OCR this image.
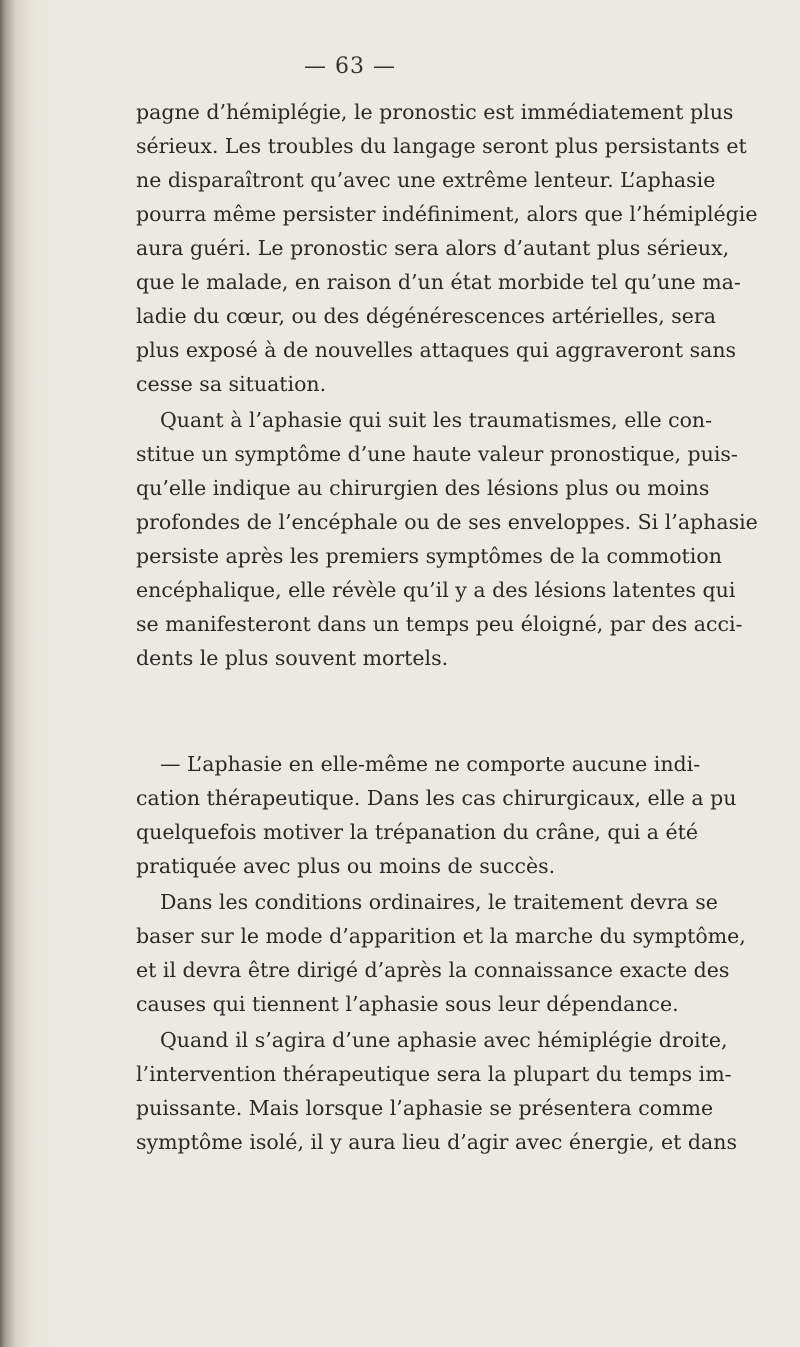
— 63 —
pagne d’hémiplégie, le pronostic est immédiatement plus
sérieux. Les troubles du langage seront plus persistants et
ne disparaîtront qu’avec une extrême lenteur. L’aphasie
pourra même persister indéfiniment, alors que l’hémiplégie
aura guéri. Le pronostic sera alors d’autant plus sérieux,
que le malade, en raison d’un état morbide tel qu’une ma-
ladie du cœur, ou des dégénérescences artérielles, sera
plus exposé à de nouvelles attaques qui aggraveront sans
cesse sa situation.
Quant à l’aphasie qui suit les traumatismes, elle con-
stitue un symptôme d’une haute valeur pronostique, puis-
qu’elle indique au chirurgien des lésions plus ou moins
profondes de l’encéphale ou de ses enveloppes. Si l’aphasie
persiste après les premiers symptômes de la commotion
encéphalique, elle révèle qu’il y a des lésions latentes qui
se manifesteront dans un temps peu éloigné, par des acci-
dents le plus souvent mortels.
— L’aphasie en elle-même ne comporte aucune indi-
cation thérapeutique. Dans les cas chirurgicaux, elle a pu
quelquefois motiver la trépanation du crâne, qui a été
pratiquée avec plus ou moins de succès.
Dans les conditions ordinaires, le traitement devra se
baser sur le mode d’apparition et la marche du symptôme,
et il devra être dirigé d’après la connaissance exacte des
causes qui tiennent l’aphasie sous leur dépendance.
Quand il s’agira d’une aphasie avec hémiplégie droite,
l’intervention thérapeutique sera la plupart du temps im-
puissante. Mais lorsque l’aphasie se présentera comme
symptôme isolé, il y aura lieu d’agir avec énergie, et dans
